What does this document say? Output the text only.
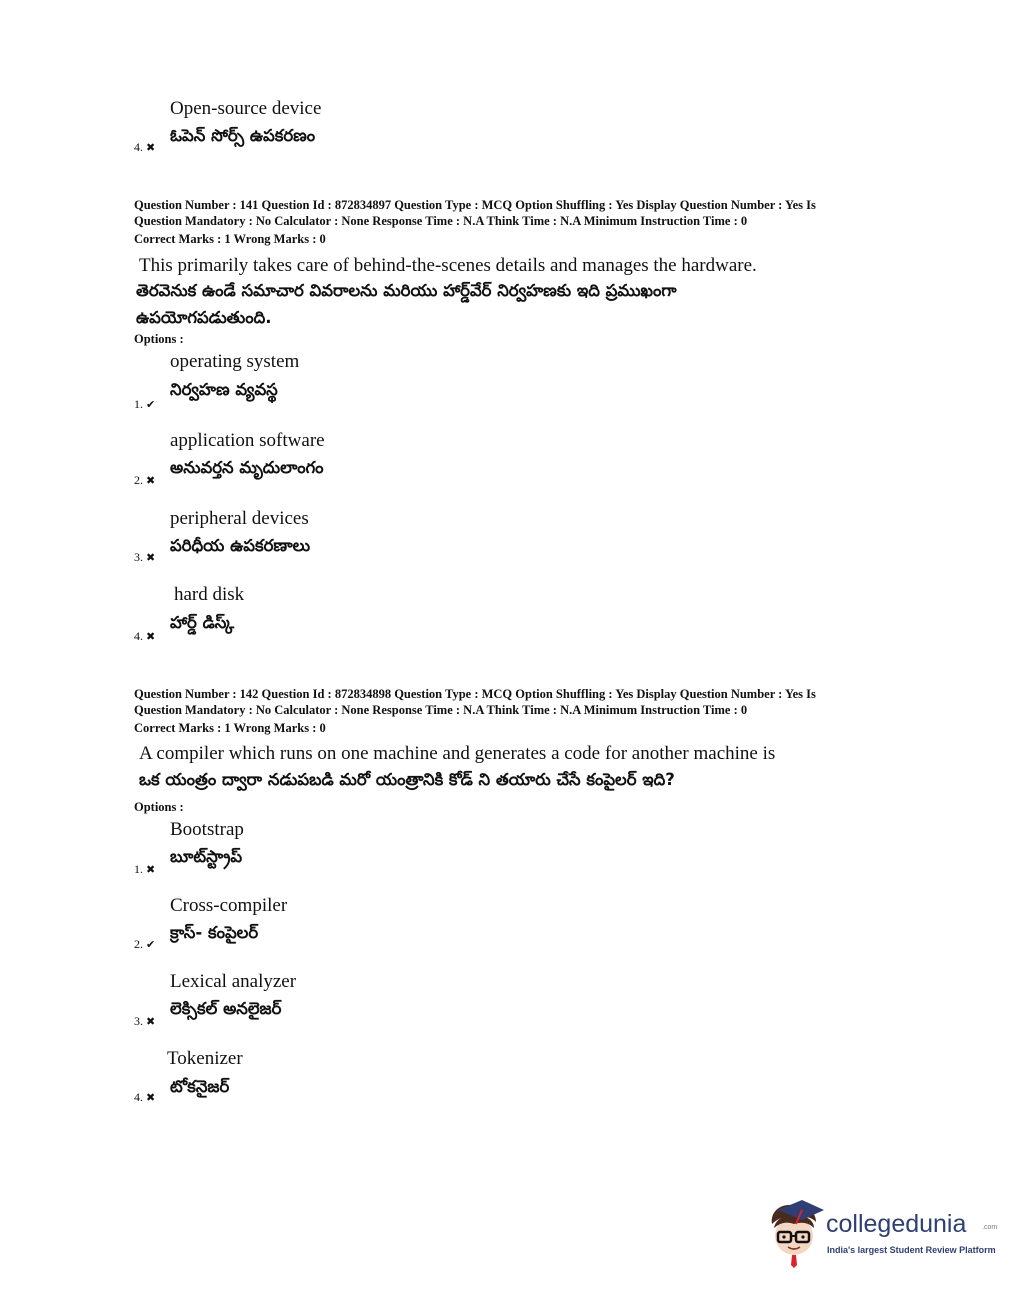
Open-source device
ఓపెన్ సోర్స్ ఉపకరణం
4. ✖
Question Number : 141 Question Id : 872834897 Question Type : MCQ Option Shuffling : Yes Display Question Number : Yes Is
Question Mandatory : No Calculator : None Response Time : N.A Think Time : N.A Minimum Instruction Time : 0
Correct Marks : 1 Wrong Marks : 0
This primarily takes care of behind-the-scenes details and manages the hardware.
తెరవెనుక ఉండే సమాచార వివరాలను మరియు హార్డ్‌వేర్ నిర్వహణకు ఇది ప్రముఖంగా
ఉపయోగపడుతుంది.
Options :
operating system
నిర్వహణ వ్యవస్థ
1. ✔
application software
అనువర్తన మృదులాంగం
2. ✖
peripheral devices
పరిధీయ ఉపకరణాలు
3. ✖
hard disk
హార్డ్ డిస్క్
4. ✖
Question Number : 142 Question Id : 872834898 Question Type : MCQ Option Shuffling : Yes Display Question Number : Yes Is
Question Mandatory : No Calculator : None Response Time : N.A Think Time : N.A Minimum Instruction Time : 0
Correct Marks : 1 Wrong Marks : 0
A compiler which runs on one machine and generates a code for another machine is
ఒక యంత్రం ద్వారా నడుపబడి మరో యంత్రానికి కోడ్ ని తయారు చేసే కంపైలర్ ఇది?
Options :
Bootstrap
బూట్‌స్ట్రాప్
1. ✖
Cross-compiler
క్రాస్- కంపైలర్
2. ✔
Lexical analyzer
లెక్సికల్ అనలైజర్
3. ✖
Tokenizer
టోకనైజర్
4. ✖
collegedunia .com
India's largest Student Review Platform
